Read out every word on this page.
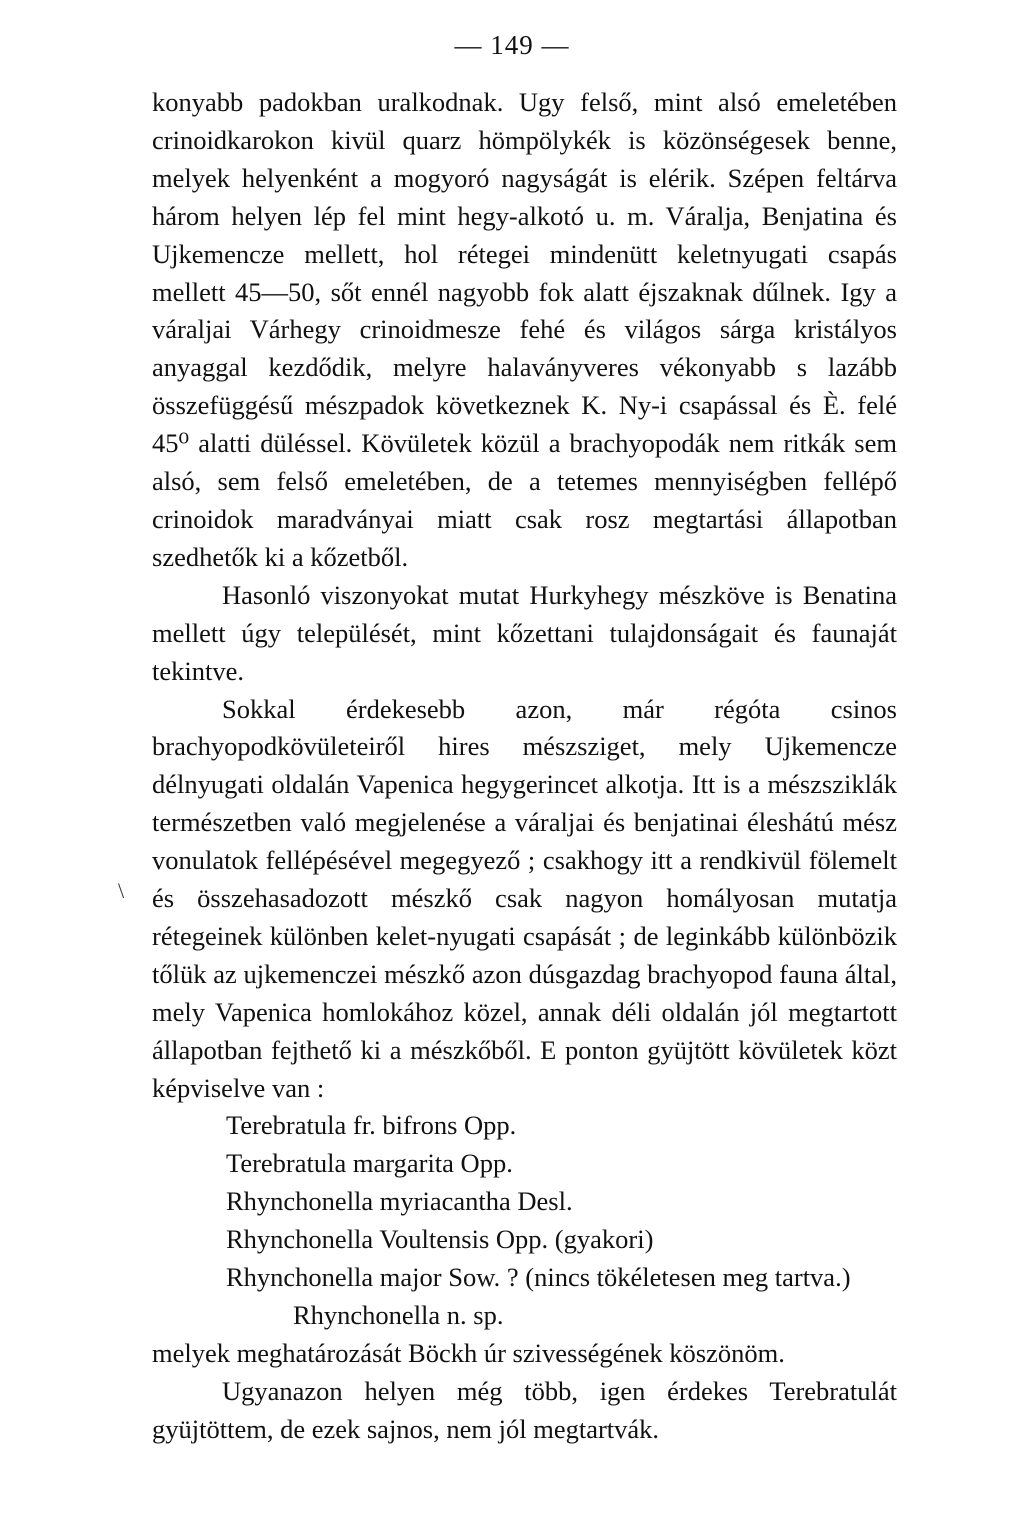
— 149 —
\

konyabb padokban uralkodnak. Ugy felső, mint alsó emeletében crinoidkarokon kivül quarz hömpölykék is közönségesek benne, melyek helyenként a mogyoró nagyságát is elérik. Szépen feltárva három helyen lép fel mint hegy-alkotó u. m. Váralja, Benjatina és Ujkemencze mellett, hol rétegei mindenütt keletnyugati csapás mellett 45—50, sőt ennél nagyobb fok alatt éjszaknak dűlnek. Igy a váraljai Várhegy crinoidmesze fehé és világos sárga kristályos anyaggal kezdődik, melyre halaványveres vékonyabb s lazább összefüggésű mészpadok következnek K. Ny-i csapással és È. felé 45⁰ alatti düléssel. Kövületek közül a brachyopodák nem ritkák sem alsó, sem felső emeletében, de a tetemes mennyiségben fellépő crinoidok maradványai miatt csak rosz megtartási állapotban szedhetők ki a kőzetből.

Hasonló viszonyokat mutat Hurkyhegy mészköve is Benatina mellett úgy települését, mint kőzettani tulajdonságait és faunaját tekintve.

Sokkal érdekesebb azon, már régóta csinos brachyopodkövületeiről hires mészsziget, mely Ujkemencze délnyugati oldalán Vapenica hegygerincet alkotja. Itt is a mészsziklák természetben való megjelenése a váraljai és benjatinai éleshátú mész vonulatok fellépésével megegyező ; csakhogy itt a rendkivül fölemelt és összehasadozott mészkő csak nagyon homályosan mutatja rétegeinek különben kelet-nyugati csapását ; de leginkább különbözik tőlük az ujkemenczei mészkő azon dúsgazdag brachyopod fauna által, mely Vapenica homlokához közel, annak déli oldalán jól megtartott állapotban fejthető ki a mészkőből. E ponton gyüjtött kövületek közt képviselve van :

Terebratula fr. bifrons Opp.
Terebratula margarita Opp.
Rhynchonella myriacantha Desl.
Rhynchonella Voultensis Opp. (gyakori)
Rhynchonella major Sow. ? (nincs tökéletesen meg tartva.)
Rhynchonella n. sp.

melyek meghatározását Böckh úr szivességének köszönöm.

Ugyanazon helyen még több, igen érdekes Terebratulát gyüjtöttem, de ezek sajnos, nem jól megtartvák.
